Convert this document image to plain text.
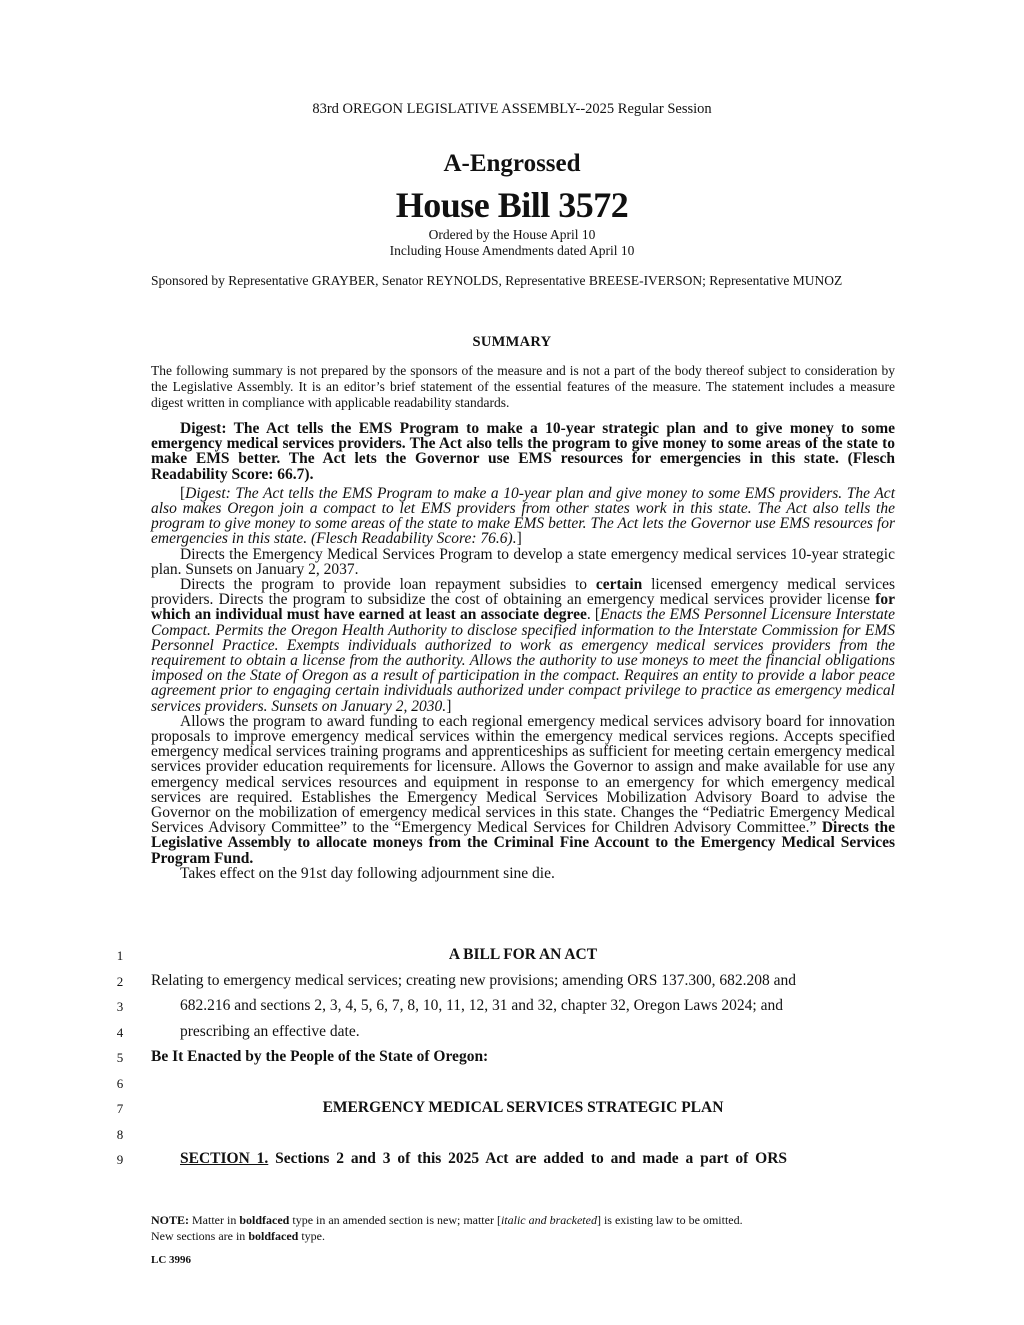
83rd OREGON LEGISLATIVE ASSEMBLY--2025 Regular Session
A-Engrossed
House Bill 3572
Ordered by the House April 10
Including House Amendments dated April 10
Sponsored by Representative GRAYBER, Senator REYNOLDS, Representative BREESE-IVERSON; Representative MUNOZ
SUMMARY
The following summary is not prepared by the sponsors of the measure and is not a part of the body thereof subject to consideration by the Legislative Assembly. It is an editor’s brief statement of the essential features of the measure. The statement includes a measure digest written in compliance with applicable readability standards.

Digest: The Act tells the EMS Program to make a 10-year strategic plan and to give money to some emergency medical services providers. The Act also tells the program to give money to some areas of the state to make EMS better. The Act lets the Governor use EMS resources for emergencies in this state. (Flesch Readability Score: 66.7).

[Digest: The Act tells the EMS Program to make a 10-year plan and give money to some EMS providers. The Act also makes Oregon join a compact to let EMS providers from other states work in this state. The Act also tells the program to give money to some areas of the state to make EMS better. The Act lets the Governor use EMS resources for emergencies in this state. (Flesch Readability Score: 76.6).]

Directs the Emergency Medical Services Program to develop a state emergency medical services 10-year strategic plan. Sunsets on January 2, 2037.

Directs the program to provide loan repayment subsidies to certain licensed emergency medical services providers. Directs the program to subsidize the cost of obtaining an emergency medical services provider license for which an individual must have earned at least an associate degree. [Enacts the EMS Personnel Licensure Interstate Compact. Permits the Oregon Health Authority to disclose specified information to the Interstate Commission for EMS Personnel Practice. Exempts individuals authorized to work as emergency medical services providers from the requirement to obtain a license from the authority. Allows the authority to use moneys to meet the financial obligations imposed on the State of Oregon as a result of participation in the compact. Requires an entity to provide a labor peace agreement prior to engaging certain individuals authorized under compact privilege to practice as emergency medical services providers. Sunsets on January 2, 2030.]

Allows the program to award funding to each regional emergency medical services advisory board for innovation proposals to improve emergency medical services within the emergency medical services regions. Accepts specified emergency medical services training programs and apprenticeships as sufficient for meeting certain emergency medical services provider education requirements for licensure. Allows the Governor to assign and make available for use any emergency medical services resources and equipment in response to an emergency for which emergency medical services are required. Establishes the Emergency Medical Services Mobilization Advisory Board to advise the Governor on the mobilization of emergency medical services in this state. Changes the “Pediatric Emergency Medical Services Advisory Committee” to the “Emergency Medical Services for Children Advisory Committee.” Directs the Legislative Assembly to allocate moneys from the Criminal Fine Account to the Emergency Medical Services Program Fund.

Takes effect on the 91st day following adjournment sine die.

1
2
3
4
5
6
7
8
9
A BILL FOR AN ACT
Relating to emergency medical services; creating new provisions; amending ORS 137.300, 682.208 and
682.216 and sections 2, 3, 4, 5, 6, 7, 8, 10, 11, 12, 31 and 32, chapter 32, Oregon Laws 2024; and
prescribing an effective date.
Be It Enacted by the People of the State of Oregon:
EMERGENCY MEDICAL SERVICES STRATEGIC PLAN
SECTION 1. Sections 2 and 3 of this 2025 Act are added to and made a part of ORS
NOTE: Matter in boldfaced type in an amended section is new; matter [italic and bracketed] is existing law to be omitted.
New sections are in boldfaced type.
LC 3996
